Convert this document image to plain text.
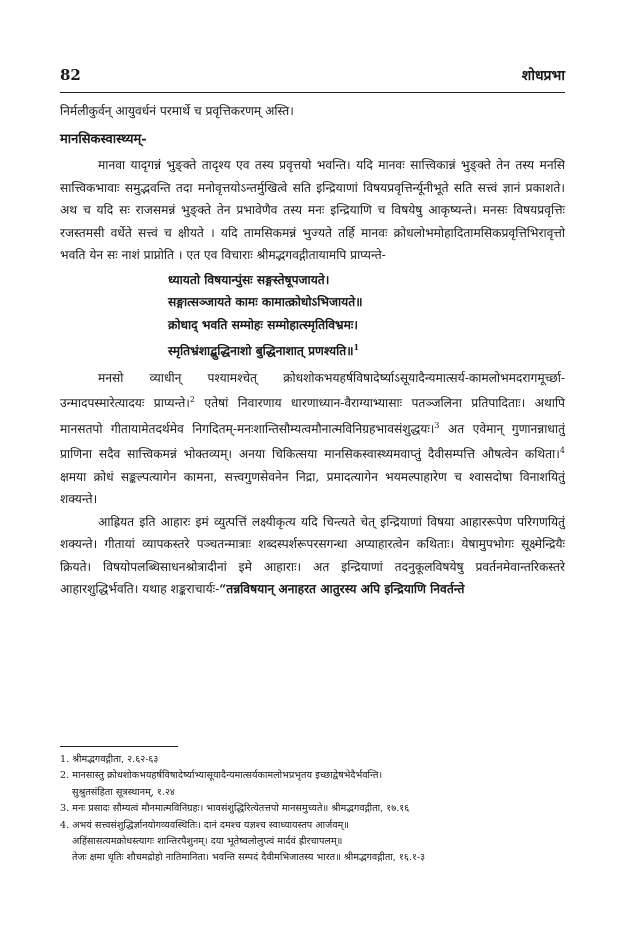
82	शोधप्रभा

निर्मलीकुर्वन् आयुवर्धनं परमार्थे च प्रवृत्तिकरणम् अस्ति।

मानसिकस्वास्थ्यम्-

मानवा यादृगन्नं भुङ्क्ते तादृश्य एव तस्य प्रवृत्तयो भवन्ति। यदि मानवः सात्त्विकान्नं भुङ्क्ते तेन तस्य मनसि सात्त्विकभावाः समुद्भवन्ति तदा मनोवृत्तयोऽन्तर्मुखित्वे सति इन्द्रियाणां विषयप्रवृत्तिर्न्यूनीभूते सति सत्त्वं ज्ञानं प्रकाशते। अथ च यदि सः राजसमन्नं भुङ्क्ते तेन प्रभावेणैव तस्य मनः इन्द्रियाणि च विषयेषु आकृष्यन्ते। मनसः विषयप्रवृत्तिः रजस्तमसी वर्धेते सत्त्वं च क्षीयते । यदि तामसिकमन्नं भुज्यते तर्हि मानवः क्रोधलोभमोहादितामसिकप्रवृत्तिभिरावृत्तो भवति येन सः नाशं प्राप्नोति । एत एव विचाराः श्रीमद्भगवद्गीतायामपि प्राप्यन्ते-

ध्यायतो विषयान्पुंसः सङ्गस्तेषूपजायते।
सङ्गात्सञ्जायते कामः कामात्क्रोधोऽभिजायते॥
क्रोधाद् भवति सम्मोहः सम्मोहात्स्मृतिविभ्रमः।
स्मृतिभ्रंशाद्बुद्धिनाशो बुद्धिनाशात् प्रणश्यति॥$^1$

मनसो व्याधीन् पश्यामश्चेत् क्रोधशोकभयहर्षविषादेर्ष्याऽसूयादैन्यमात्सर्य-कामलोभमदरागमूर्च्छा-उन्मादपस्मारेत्यादयः प्राप्यन्ते।$^2$ एतेषां निवारणाय धारणाध्यान-वैराग्याभ्यासाः पतञ्जलिना प्रतिपादिताः। अथापि मानसतपो गीतायामेतदर्थमेव निगदितम्-मनःशान्तिसौम्यत्वमौनात्मविनिग्रहभावसंशुद्धयः।$^3$ अत एवेमान् गुणानन्नाधातुं प्राणिना सदैव सात्त्विकमन्नं भोक्तव्यम्। अनया चिकित्सया मानसिकस्वास्थ्यमवाप्तुं दैवीसम्पत्ति औषत्वेन कथिता।$^4$ क्षमया क्रोधं सङ्कल्पत्यागेन कामना, सत्त्वगुणसेवनेन निद्रा, प्रमादत्यागेन भयमल्पाहारेण च श्वासदोषा विनाशयितुं शक्यन्ते।

आह्रियत इति आहारः इमं व्युत्पत्तिं लक्ष्यीकृत्य यदि चिन्त्यते चेत् इन्द्रियाणां विषया आहाररूपेण परिगणयितुं शक्यन्ते। गीतायां व्यापकस्तरे पञ्चतन्मात्राः शब्दस्पर्शरूपरसगन्धा अप्याहारत्वेन कथिताः। येषामुपभोगः सूक्ष्मेन्द्रियैः क्रियते। विषयोपलब्धिसाधनश्रोत्रादीनां इमे आहाराः। अत इन्द्रियाणां तदनुकूलविषयेषु प्रवर्तनमेवान्तरिकस्तरे आहारशुद्धिर्भवति। यथाह शङ्कराचार्यः-“तन्नविषयान् अनाहरत आतुरस्य अपि इन्द्रियाणि निवर्तन्ते

1. श्रीमद्भगवद्गीता, २.६२-६३

2. मानसास्तु क्रोधशोकभयहर्षविषादेर्ष्याभ्यासूयादैन्यमात्सर्यकामलोभप्रभृतय इच्छाद्वेषभेदैर्भवन्ति।

सुश्रुतसंहिता सूत्रस्थानम्, १.२४

3. मनः प्रसादः सौम्यत्वं मौनमात्मविनिग्रहः। भावसंशुद्धिरित्येतत्तपो मानसमुच्यते॥ श्रीमद्भगवद्गीता, १७.१६

4. अभयं सत्त्वसंशुद्धिर्ज्ञानयोगव्यवस्थितिः। दानं दमश्च यज्ञश्च स्वाध्यायस्तप आर्जवम्॥

अहिंसासत्यमक्रोधस्त्यागः शान्तिरपैशुनम्। दया भूतेष्वलोलुप्त्वं मार्दवं ह्रीरचापलम्॥

तेजः क्षमा धृतिः शौचमद्रोहो नातिमानिता। भवन्ति सम्पदं दैवीमभिजातस्य भारत॥ श्रीमद्भगवद्गीता, १६.१-३
